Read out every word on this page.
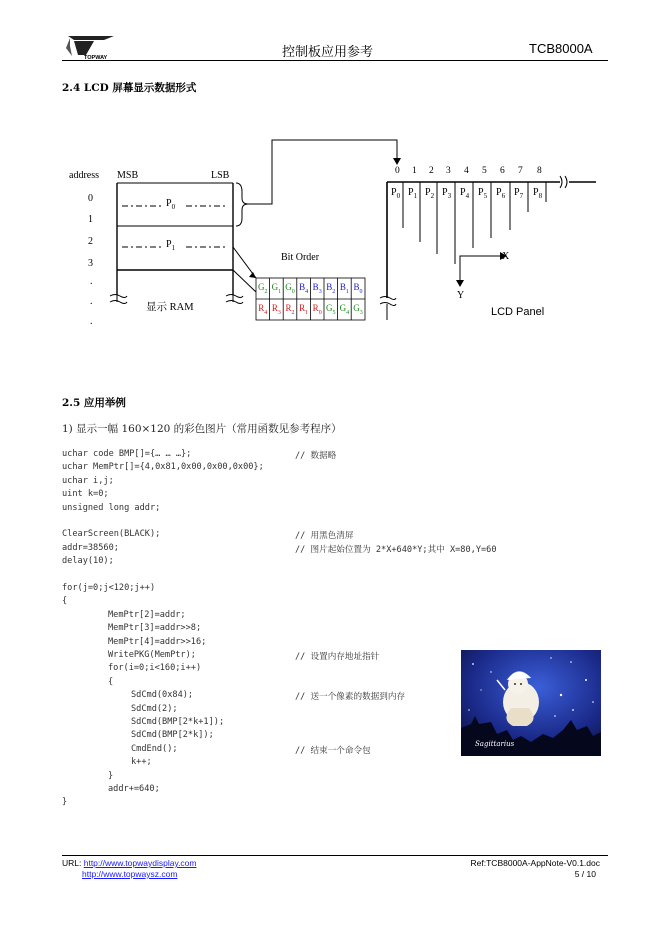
TOPWAY	控制板应用参考	TCB8000A
2.4 LCD 屏幕显示数据形式
address MSB	LSB
0
1
2
3
.
.
.
$P_0$
$P_1$
显示 RAM
Bit Order
$G_2$ $G_1$ $G_0$ $B_4$ $B_3$ $B_2$ $B_1$ $B_0$
$R_4$ $R_3$ $R_2$ $R_1$ $R_0$ $G_5$ $G_4$ $G_3$
0 1 2 3 4 5 6 7 8
$P_0$ $P_1$ $P_2$ $P_3$ $P_4$ $P_5$ $P_6$ $P_7$ $P_8$
X
Y
LCD Panel
2.5 应用举例
1) 显示一幅 160×120 的彩色图片（常用函数见参考程序）
uchar code BMP[]={… … …};	// 数据略
uchar MemPtr[]={4,0x81,0x00,0x00,0x00};
uchar i,j;
uint k=0;
unsigned long addr;
ClearScreen(BLACK);	// 用黑色清屏
addr=38560;	// 图片起始位置为 2*X+640*Y;其中 X=80,Y=60
delay(10);
for(j=0;j<120;j++)
{
MemPtr[2]=addr;
MemPtr[3]=addr>>8;
MemPtr[4]=addr>>16;
WritePKG(MemPtr);	// 设置内存地址指针
for(i=0;i<160;i++)
{
SdCmd(0x84);	// 送一个像素的数据到内存
SdCmd(2);
SdCmd(BMP[2*k+1]);
SdCmd(BMP[2*k]);
CmdEnd();	// 结束一个命令包
k++;
}
addr+=640;
}
Sagittarius
URL: http://www.topwaydisplay.com
http://www.topwaysz.com
Ref:TCB8000A-AppNote-V0.1.doc
5 / 10
